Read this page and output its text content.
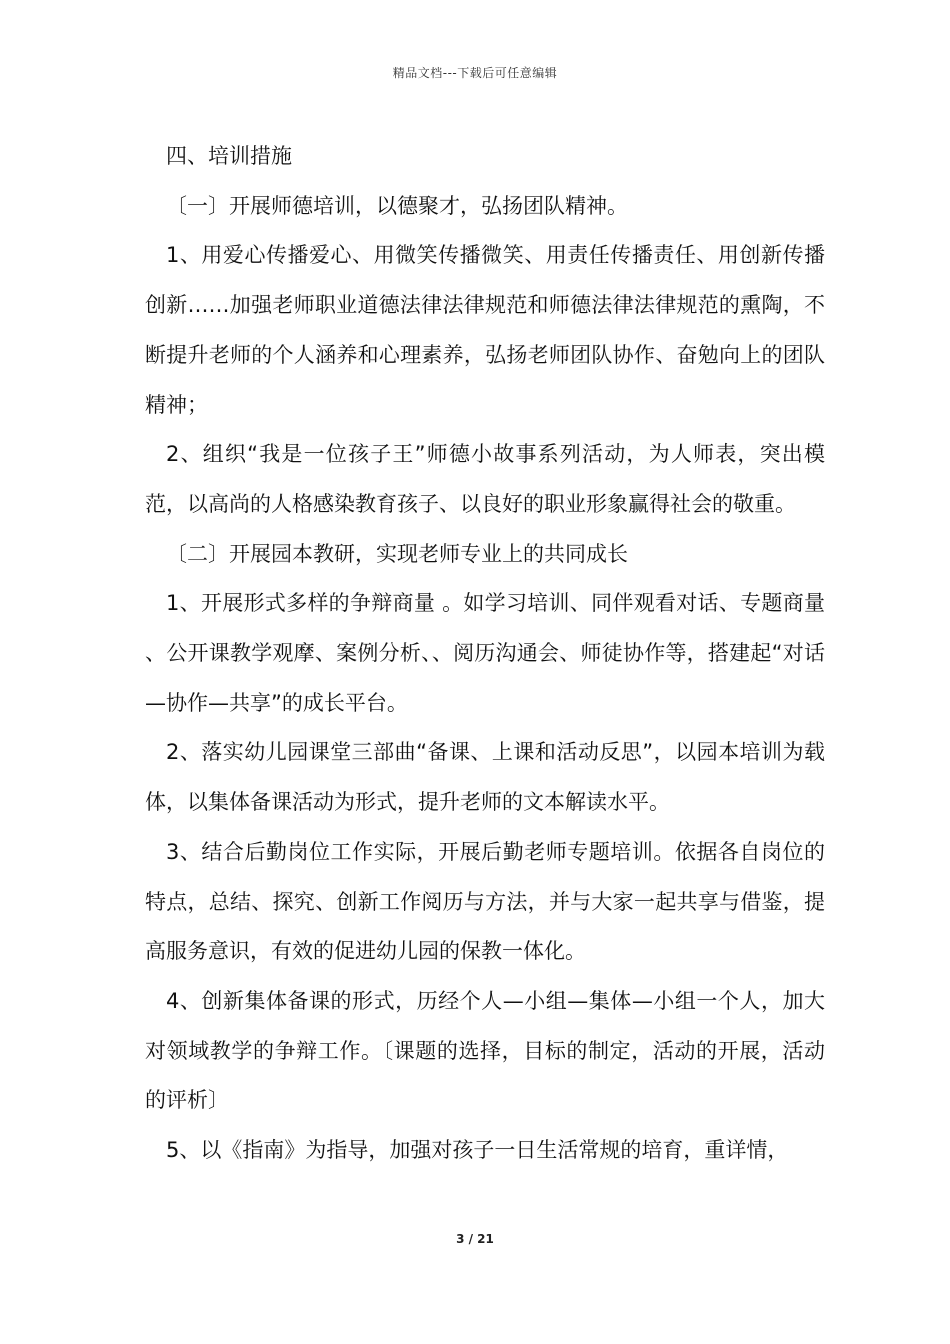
精品文档---下载后可任意编辑

四、培训措施

〔一〕开展师德培训，以德聚才，弘扬团队精神。

1、用爱心传播爱心、用微笑传播微笑、用责任传播责任、用创新传播创新……加强老师职业道德法律法律规范和师德法律法律规范的熏陶，不断提升老师的个人涵养和心理素养，弘扬老师团队协作、奋勉向上的团队精神；

2、组织“我是一位孩子王”师德小故事系列活动，为人师表，突出模范，以高尚的人格感染教育孩子、以良好的职业形象赢得社会的敬重。

〔二〕开展园本教研，实现老师专业上的共同成长

1、开展形式多样的争辩商量 。如学习培训、同伴观看对话、专题商量 、公开课教学观摩、案例分析、、阅历沟通会、师徒协作等，搭建起“对话—协作—共享”的成长平台。

2、落实幼儿园课堂三部曲“备课、上课和活动反思”，以园本培训为载体，以集体备课活动为形式，提升老师的文本解读水平。

3、结合后勤岗位工作实际，开展后勤老师专题培训。依据各自岗位的特点，总结、探究、创新工作阅历与方法，并与大家一起共享与借鉴，提高服务意识，有效的促进幼儿园的保教一体化。

4、创新集体备课的形式，历经个人—小组—集体—小组一个人，加大对领域教学的争辩工作。〔课题的选择，目标的制定，活动的开展，活动的评析〕

5、以《指南》为指导，加强对孩子一日生活常规的培育，重详情，

3 / 21
